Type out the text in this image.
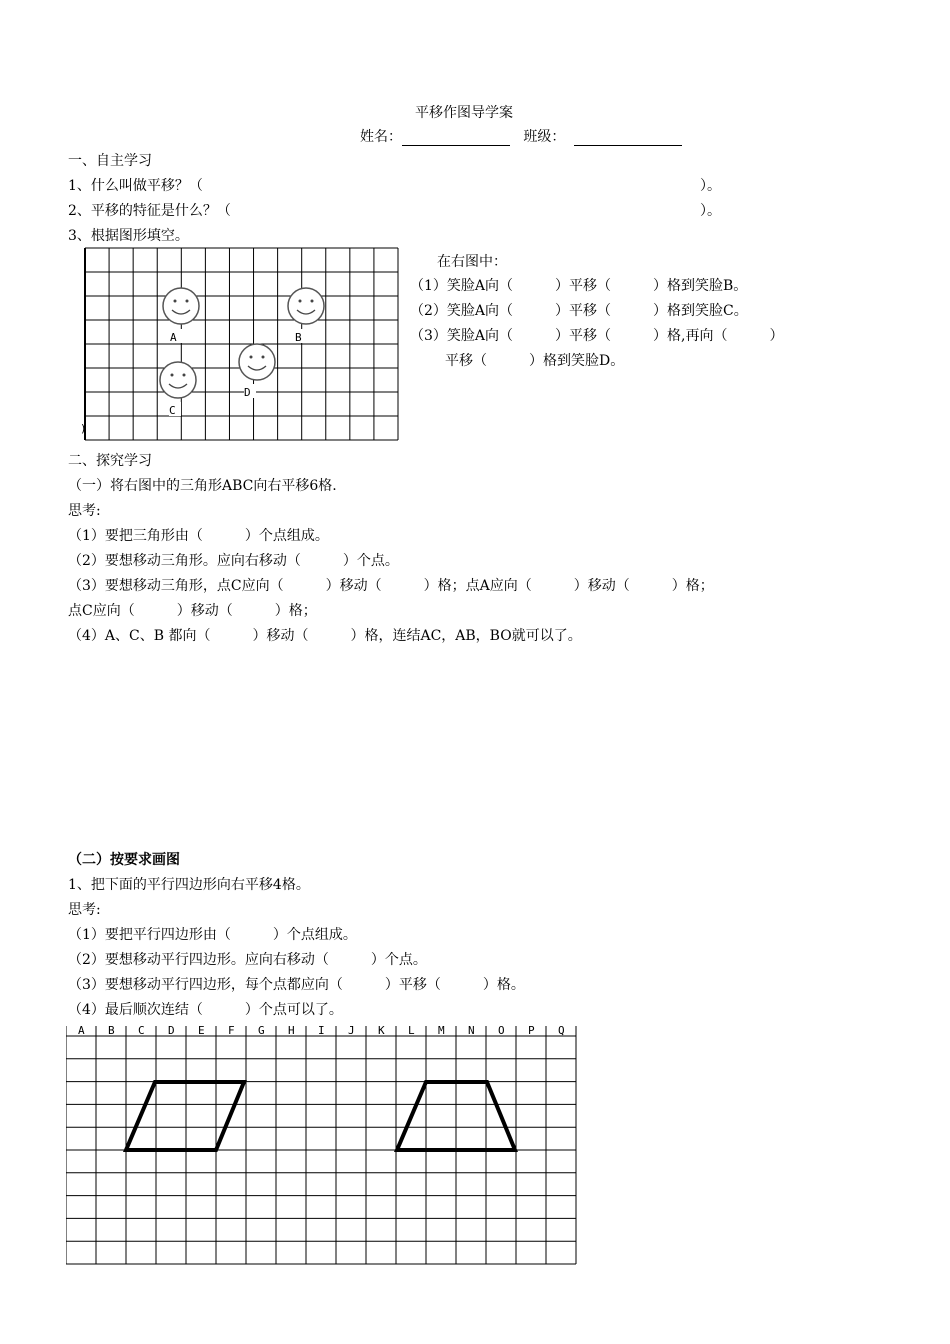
平移作图导学案
姓名：	班级：
一、自主学习
1、什么叫做平移？（	）。
2、平移的特征是什么？（	）。
3、根据图形填空。
A	B
C
D
)
在右图中：
（1）笑脸A向（　　　）平移（　　　）格到笑脸B。
（2）笑脸A向（　　　）平移（　　　）格到笑脸C。
（3）笑脸A向（　　　）平移（　　　）格,再向（　　　）
平移（　　　）格到笑脸D。
二、探究学习
（一）将右图中的三角形ABC向右平移6格.
思考:
（1）要把三角形由（　　　）个点组成。
（2）要想移动三角形。应向右移动（　　　）个点。
（3）要想移动三角形，点C应向（　　　）移动（　　　）格；点A应向（　　　）移动（　　　）格；
点C应向（　　　）移动（　　　）格；
（4）A、C、B 都向（　　　）移动（　　　）格，连结AC，AB，BO就可以了。
（二）按要求画图
1、把下面的平行四边形向右平移4格。
思考:
（1）要把平行四边形由（　　　）个点组成。
（2）要想移动平行四边形。应向右移动（　　　）个点。
（3）要想移动平行四边形，每个点都应向（　　　）平移（　　　）格。
（4）最后顺次连结（　　　）个点可以了。
A B C D E F G H I J K L M N O P Q
